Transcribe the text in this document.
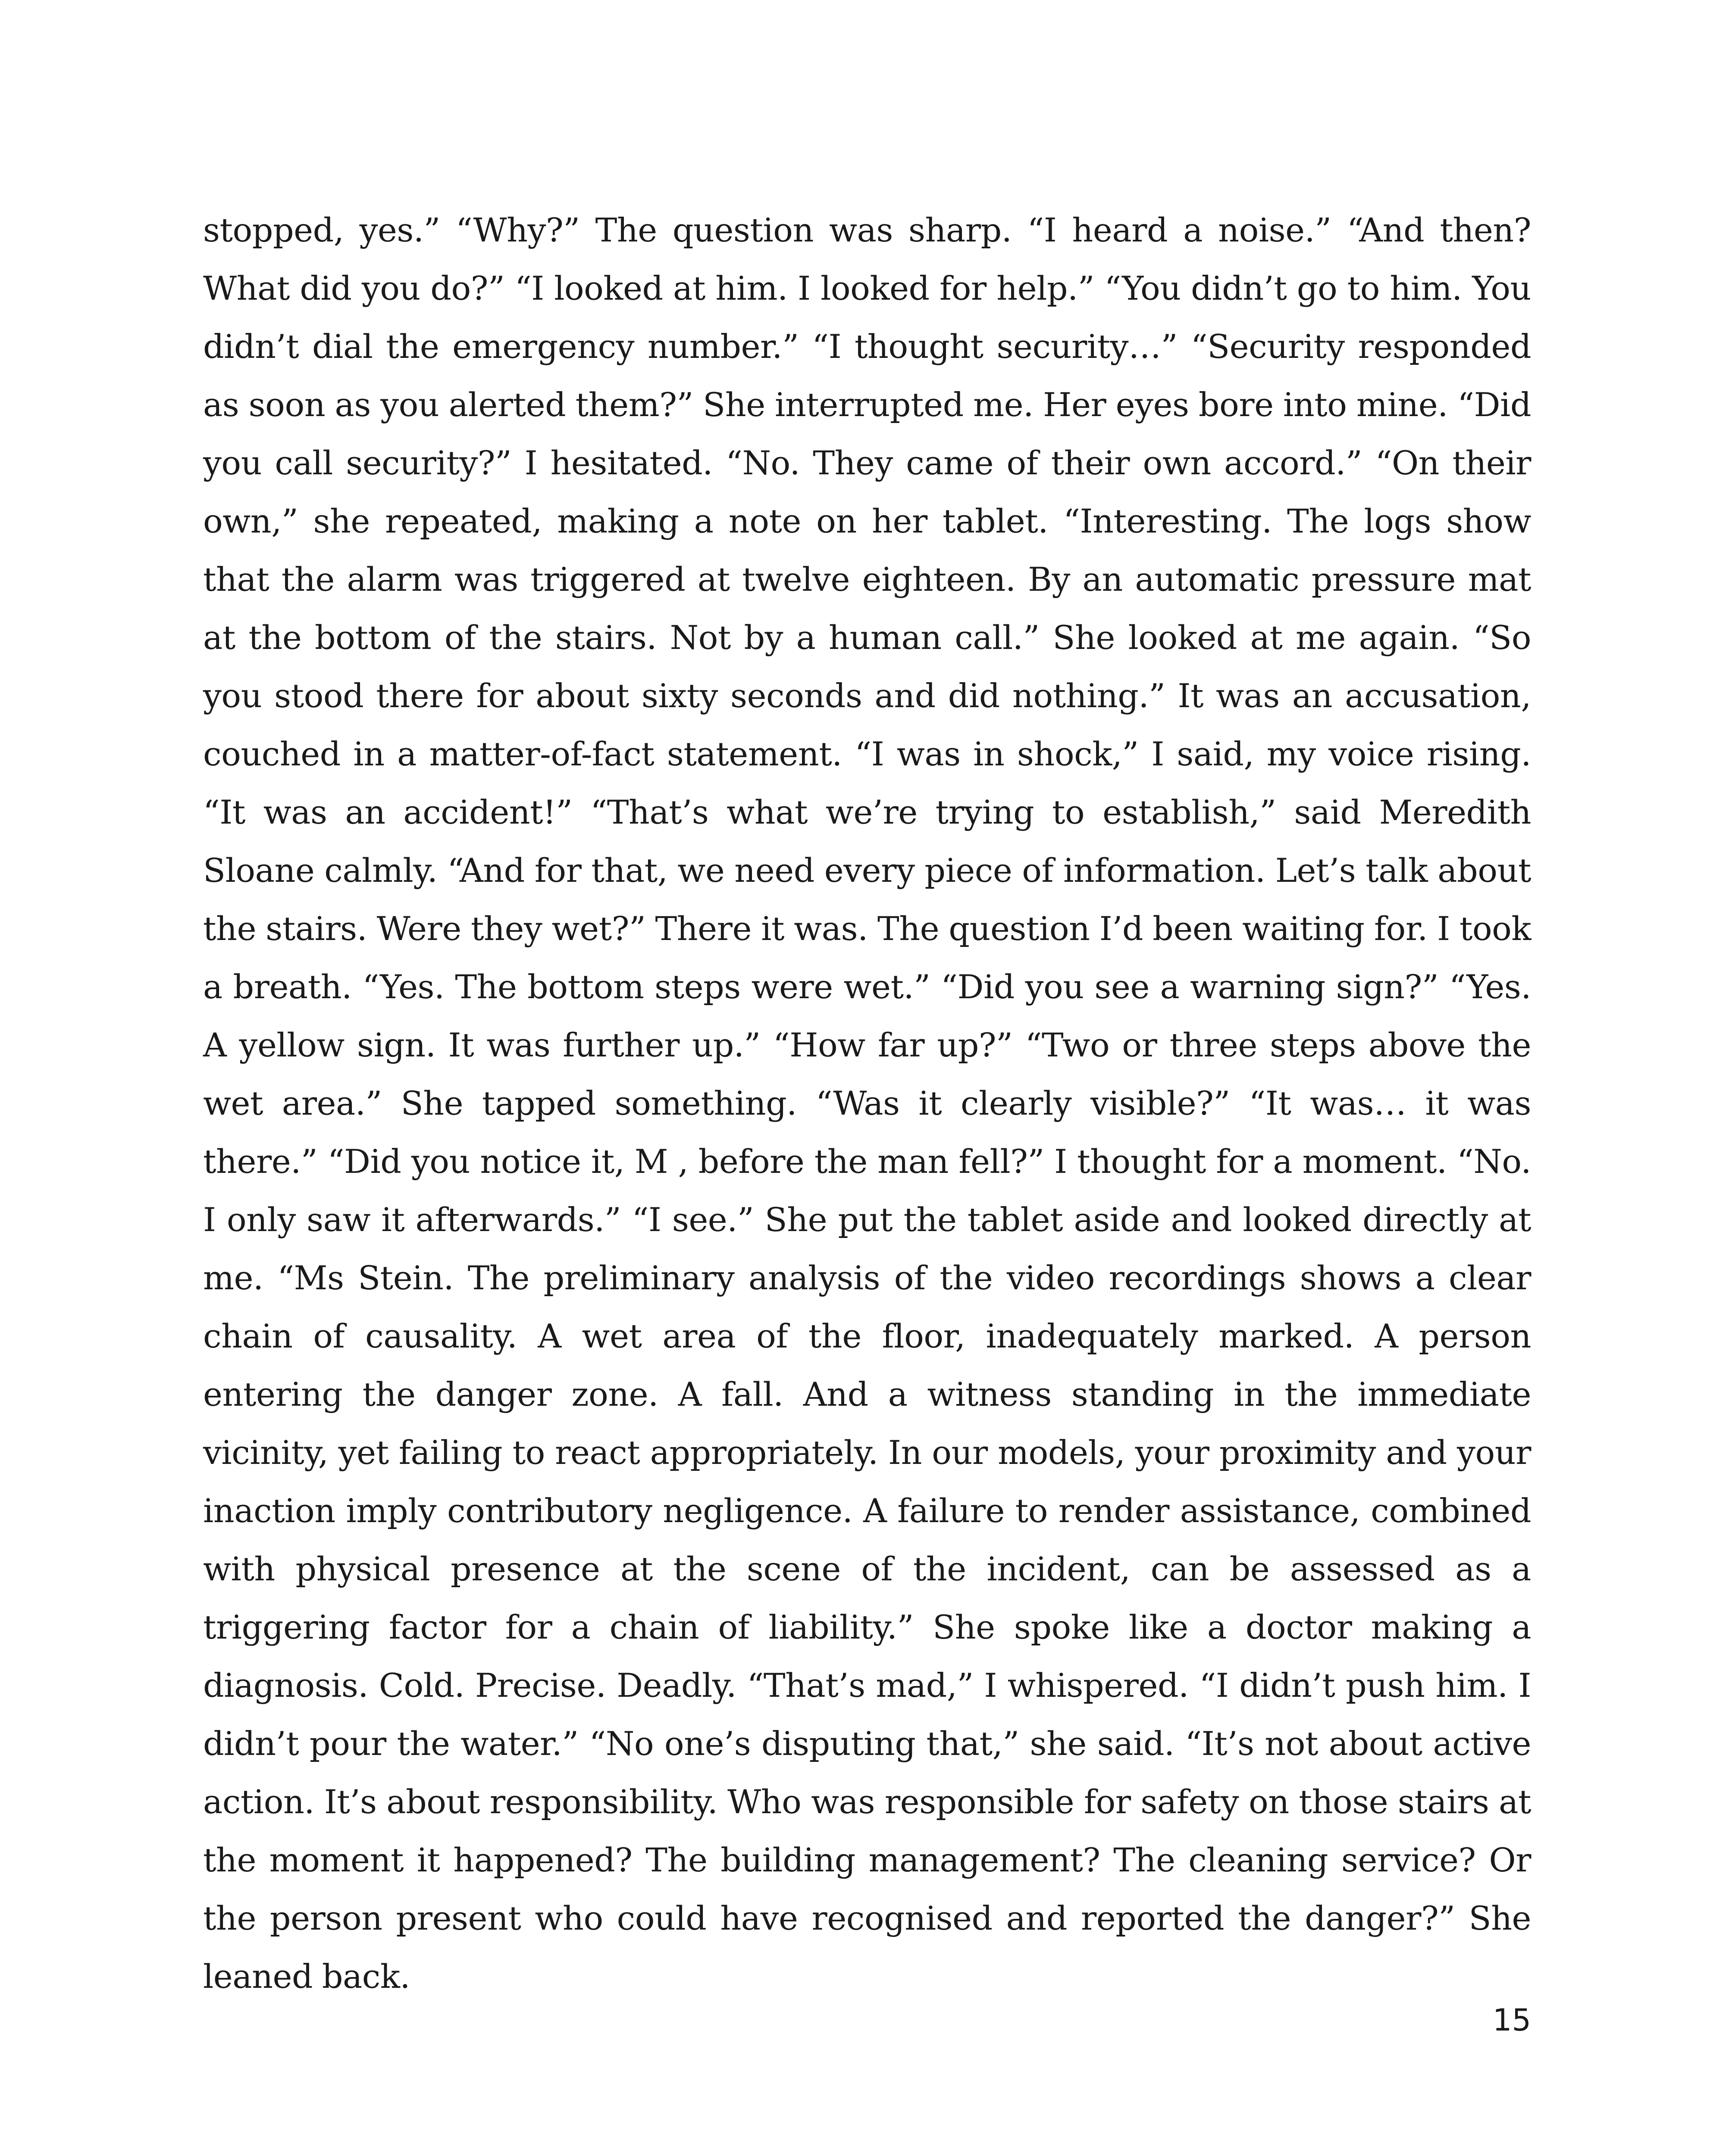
stopped, yes.” “Why?” The question was sharp. “I heard a noise.” “And then? What did you do?” “I looked at him. I looked for help.” “You didn’t go to him. You didn’t dial the emergency number.” “I thought security…” “Security responded as soon as you alerted them?” She interrupted me. Her eyes bore into mine. “Did you call security?” I hesitated. “No. They came of their own accord.” “On their own,” she repeated, making a note on her tablet. “Interesting. The logs show that the alarm was triggered at twelve eighteen. By an automatic pressure mat at the bottom of the stairs. Not by a human call.” She looked at me again. “So you stood there for about sixty seconds and did nothing.” It was an accusation, couched in a matter-of-fact statement. “I was in shock,” I said, my voice rising. “It was an accident!” “That’s what we’re trying to establish,” said Meredith Sloane calmly. “And for that, we need every piece of information. Let’s talk about the stairs. Were they wet?” There it was. The question I’d been waiting for. I took a breath. “Yes. The bottom steps were wet.” “Did you see a warning sign?” “Yes. A yellow sign. It was further up.” “How far up?” “Two or three steps above the wet area.” She tapped something. “Was it clearly visible?” “It was… it was there.” “Did you notice it, M , before the man fell?” I thought for a moment. “No. I only saw it afterwards.” “I see.” She put the tablet aside and looked directly at me. “Ms Stein. The preliminary analysis of the video recordings shows a clear chain of causality. A wet area of the floor, inadequately marked. A person entering the danger zone. A fall. And a witness standing in the immediate vicinity, yet failing to react appropriately. In our models, your proximity and your inaction imply contributory negligence. A failure to render assistance, combined with physical presence at the scene of the incident, can be assessed as a triggering factor for a chain of liability.” She spoke like a doctor making a diagnosis. Cold. Precise. Deadly. “That’s mad,” I whispered. “I didn’t push him. I didn’t pour the water.” “No one’s disputing that,” she said. “It’s not about active action. It’s about responsibility. Who was responsible for safety on those stairs at the moment it happened? The building management? The cleaning service? Or the person present who could have recognised and reported the danger?” She leaned back.

15
